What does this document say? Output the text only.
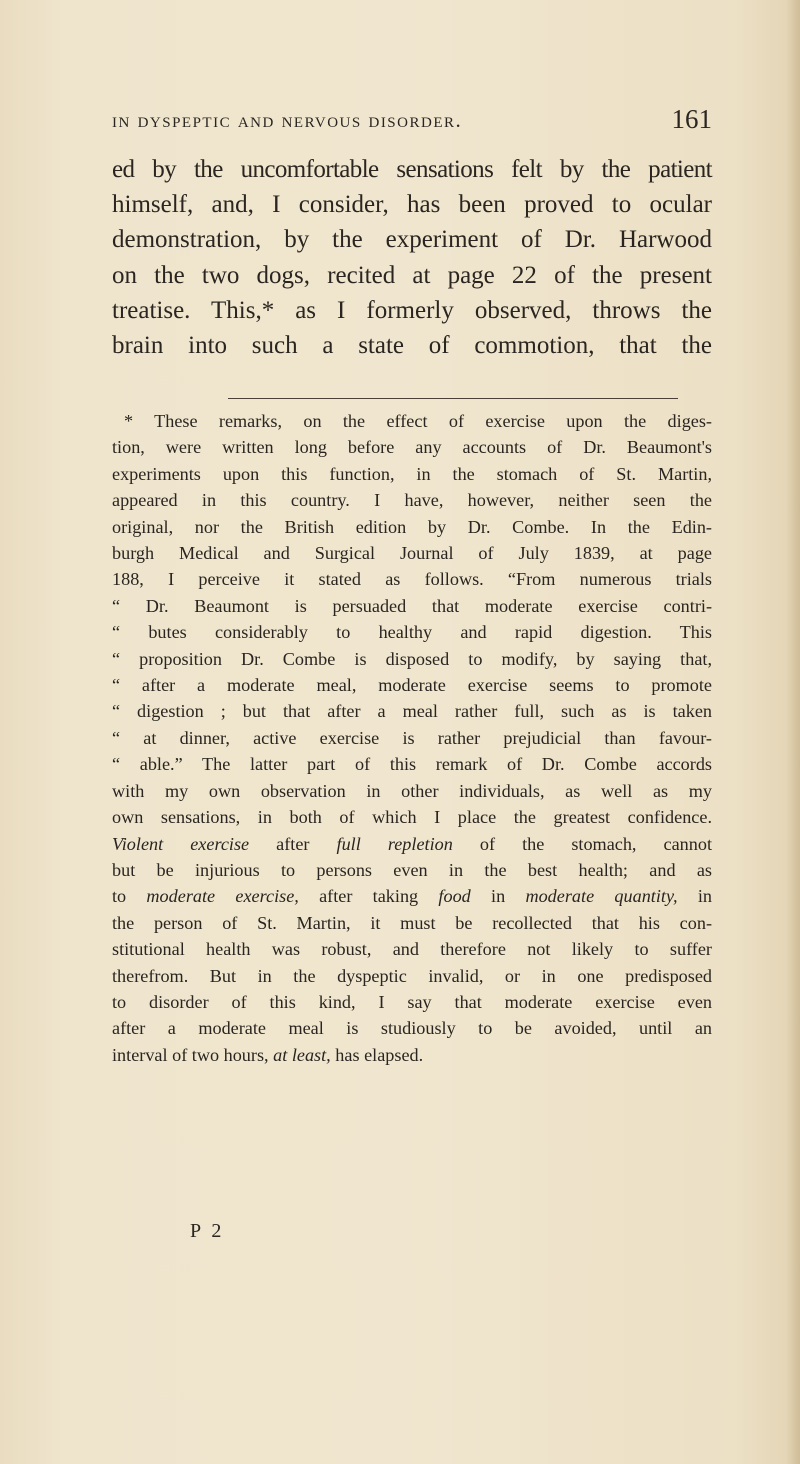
in dyspeptic and nervous disorder.	161
ed by the uncomfortable sensations felt by the patient
himself, and, I consider, has been proved to ocular
demonstration, by the experiment of Dr. Harwood
on the two dogs, recited at page 22 of the present
treatise. This,* as I formerly observed, throws the
brain into such a state of commotion, that the
* These remarks, on the effect of exercise upon the diges-
tion, were written long before any accounts of Dr. Beaumont's
experiments upon this function, in the stomach of St. Martin,
appeared in this country. I have, however, neither seen the
original, nor the British edition by Dr. Combe. In the Edin-
burgh Medical and Surgical Journal of July 1839, at page
188, I perceive it stated as follows. “From numerous trials
“ Dr. Beaumont is persuaded that moderate exercise contri-
“ butes considerably to healthy and rapid digestion. This
“ proposition Dr. Combe is disposed to modify, by saying that,
“ after a moderate meal, moderate exercise seems to promote
“ digestion ; but that after a meal rather full, such as is taken
“ at dinner, active exercise is rather prejudicial than favour-
“ able.” The latter part of this remark of Dr. Combe accords
with my own observation in other individuals, as well as my
own sensations, in both of which I place the greatest confidence.
Violent exercise after full repletion of the stomach, cannot
but be injurious to persons even in the best health; and as
to moderate exercise, after taking food in moderate quantity, in
the person of St. Martin, it must be recollected that his con-
stitutional health was robust, and therefore not likely to suffer
therefrom. But in the dyspeptic invalid, or in one predisposed
to disorder of this kind, I say that moderate exercise even
after a moderate meal is studiously to be avoided, until an
interval of two hours, at least, has elapsed.
P 2
